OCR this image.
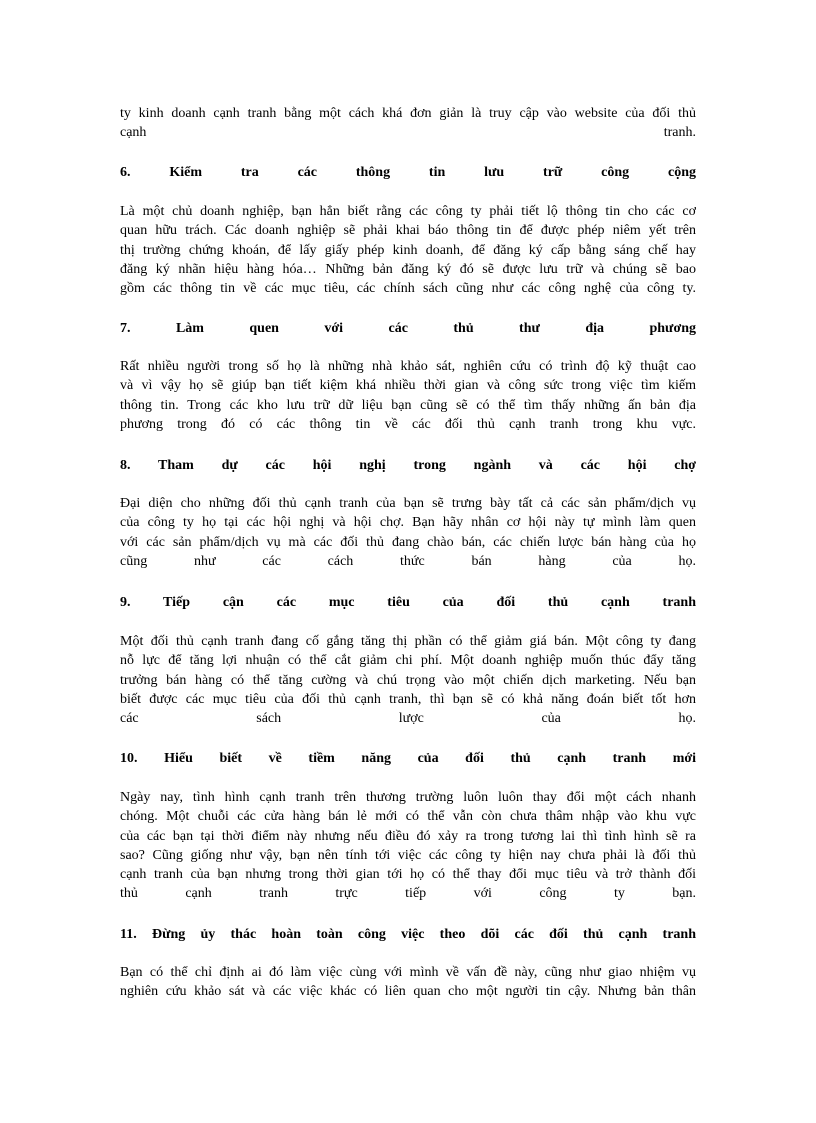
ty kinh doanh cạnh tranh bằng một cách khá đơn giản là truy cập vào website của đối thủ
cạnh tranh.
6. Kiểm tra các thông tin lưu trữ công cộng
Là một chủ doanh nghiệp, bạn hẳn biết rằng các công ty phải tiết lộ thông tin cho các cơ
quan hữu trách. Các doanh nghiệp sẽ phải khai báo thông tin để được phép niêm yết trên
thị trường chứng khoán, để lấy giấy phép kinh doanh, để đăng ký cấp bằng sáng chế hay
đăng ký nhãn hiệu hàng hóa… Những bản đăng ký đó sẽ được lưu trữ và chúng sẽ bao
gồm các thông tin về các mục tiêu, các chính sách cũng như các công nghệ của công ty.
7. Làm quen với các thủ thư địa phương
Rất nhiều người trong số họ là những nhà khảo sát, nghiên cứu có trình độ kỹ thuật cao
và vì vậy họ sẽ giúp bạn tiết kiệm khá nhiều thời gian và công sức trong việc tìm kiếm
thông tin. Trong các kho lưu trữ dữ liệu bạn cũng sẽ có thể tìm thấy những ấn bản địa
phương trong đó có các thông tin về các đối thủ cạnh tranh trong khu vực.
8. Tham dự các hội nghị trong ngành và các hội chợ
Đại diện cho những đối thủ cạnh tranh của bạn sẽ trưng bày tất cả các sản phẩm/dịch vụ
của công ty họ tại các hội nghị và hội chợ. Bạn hãy nhân cơ hội này tự mình làm quen
với các sản phẩm/dịch vụ mà các đối thủ đang chào bán, các chiến lược bán hàng của họ
cũng như các cách thức bán hàng của họ.
9. Tiếp cận các mục tiêu của đối thủ cạnh tranh
Một đối thủ cạnh tranh đang cố gắng tăng thị phần có thể giảm giá bán. Một công ty đang
nỗ lực để tăng lợi nhuận có thể cắt giảm chi phí. Một doanh nghiệp muốn thúc đẩy tăng
trưởng bán hàng có thể tăng cường và chú trọng vào một chiến dịch marketing. Nếu bạn
biết được các mục tiêu của đối thủ cạnh tranh, thì bạn sẽ có khả năng đoán biết tốt hơn
các sách lược của họ.
10. Hiểu biết về tiềm năng của đối thủ cạnh tranh mới
Ngày nay, tình hình cạnh tranh trên thương trường luôn luôn thay đổi một cách nhanh
chóng. Một chuỗi các cửa hàng bán lẻ mới có thể vẫn còn chưa thâm nhập vào khu vực
của các bạn tại thời điểm này nhưng nếu điều đó xảy ra trong tương lai thì tình hình sẽ ra
sao? Cũng giống như vậy, bạn nên tính tới việc các công ty hiện nay chưa phải là đối thủ
cạnh tranh của bạn nhưng trong thời gian tới họ có thể thay đổi mục tiêu và trở thành đối
thủ cạnh tranh trực tiếp với công ty bạn.
11. Đừng ủy thác hoàn toàn công việc theo dõi các đối thủ cạnh tranh
Bạn có thể chỉ định ai đó làm việc cùng với mình về vấn đề này, cũng như giao nhiệm vụ
nghiên cứu khảo sát và các việc khác có liên quan cho một người tin cậy. Nhưng bản thân
